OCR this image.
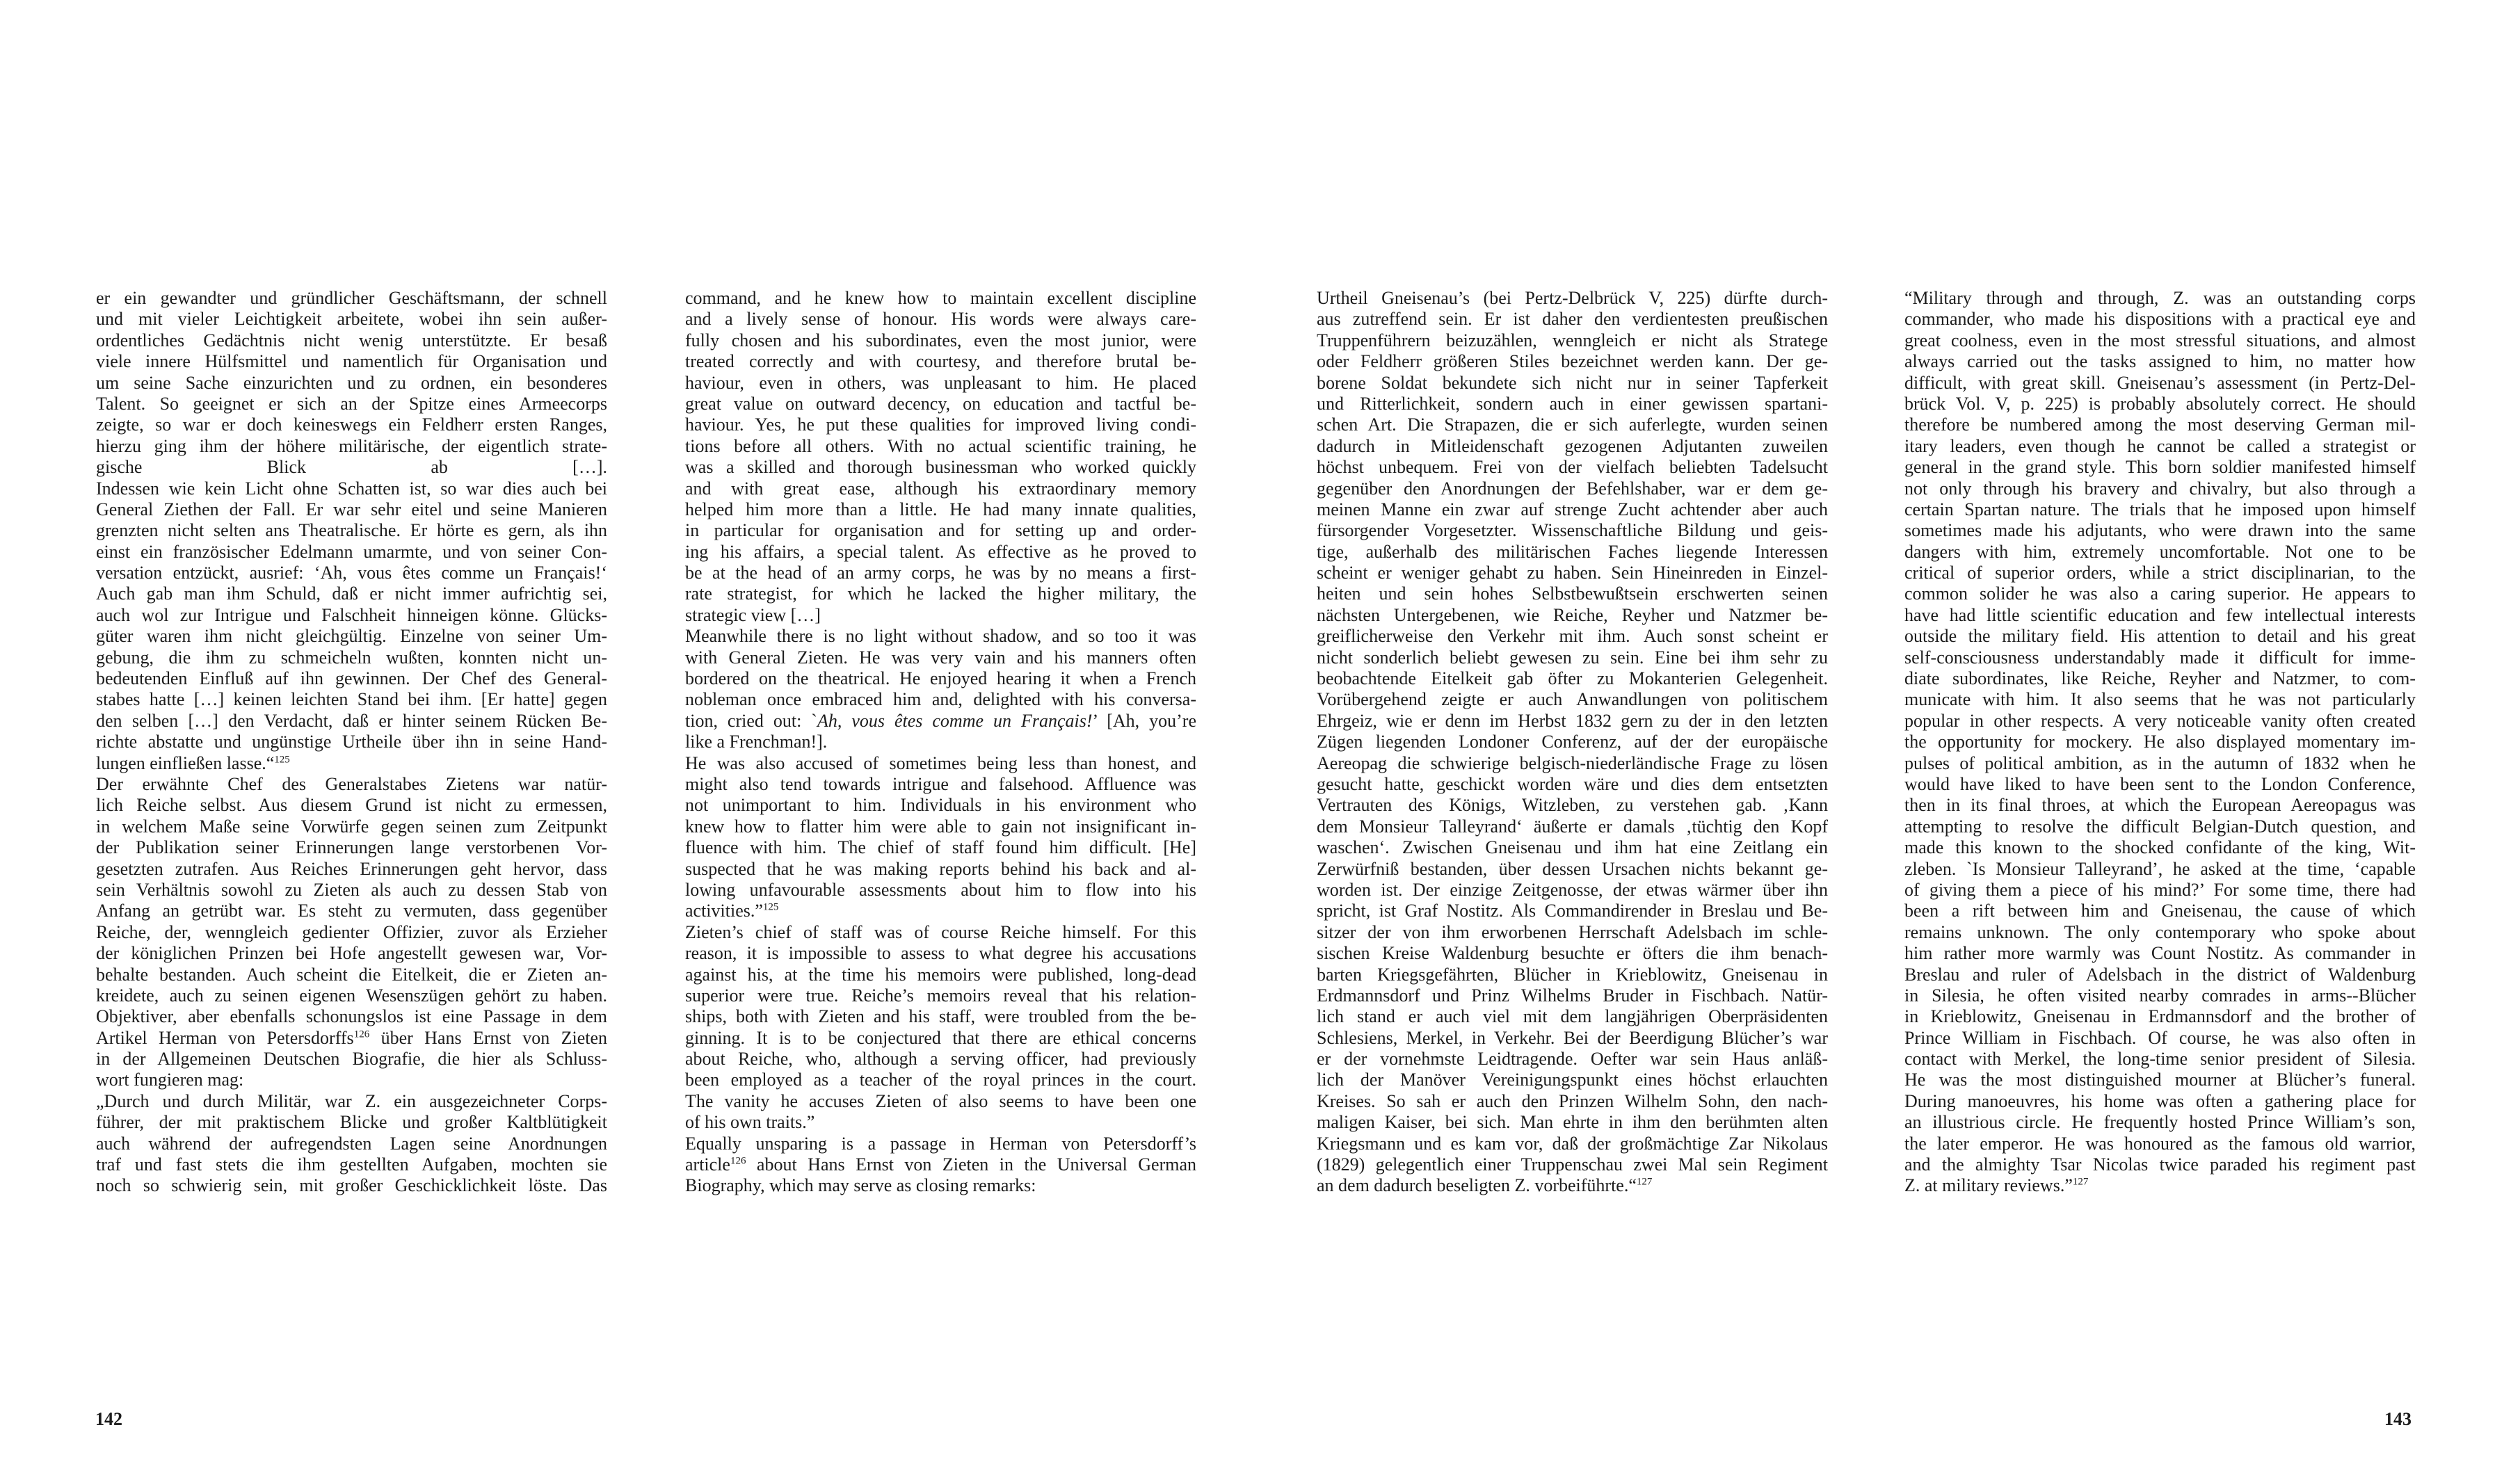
er ein gewandter und gründlicher Geschäftsmann, der schnell
und mit vieler Leichtigkeit arbeitete, wobei ihn sein außer-
ordentliches Gedächtnis nicht wenig unterstützte. Er besaß
viele innere Hülfsmittel und namentlich für Organisation und
um seine Sache einzurichten und zu ordnen, ein besonderes
Talent. So geeignet er sich an der Spitze eines Armeecorps
zeigte, so war er doch keineswegs ein Feldherr ersten Ranges,
hierzu ging ihm der höhere militärische, der eigentlich strate-
gische Blick ab […].
Indessen wie kein Licht ohne Schatten ist, so war dies auch bei
General Ziethen der Fall. Er war sehr eitel und seine Manieren
grenzten nicht selten ans Theatralische. Er hörte es gern, als ihn
einst ein französischer Edelmann umarmte, und von seiner Con-
versation entzückt, ausrief: ‘Ah, vous êtes comme un Français!‘
Auch gab man ihm Schuld, daß er nicht immer aufrichtig sei,
auch wol zur Intrigue und Falschheit hinneigen könne. Glücks-
güter waren ihm nicht gleichgültig. Einzelne von seiner Um-
gebung, die ihm zu schmeicheln wußten, konnten nicht un-
bedeutenden Einfluß auf ihn gewinnen. Der Chef des General-
stabes hatte […] keinen leichten Stand bei ihm. [Er hatte] gegen
den selben […] den Verdacht, daß er hinter seinem Rücken Be-
richte abstatte und ungünstige Urtheile über ihn in seine Hand-
lungen einfließen lasse.“$^{125}$
Der erwähnte Chef des Generalstabes Zietens war natür-
lich Reiche selbst. Aus diesem Grund ist nicht zu ermessen,
in welchem Maße seine Vorwürfe gegen seinen zum Zeitpunkt
der Publikation seiner Erinnerungen lange verstorbenen Vor-
gesetzten zutrafen. Aus Reiches Erinnerungen geht hervor, dass
sein Verhältnis sowohl zu Zieten als auch zu dessen Stab von
Anfang an getrübt war. Es steht zu vermuten, dass gegenüber
Reiche, der, wenngleich gedienter Offizier, zuvor als Erzieher
der königlichen Prinzen bei Hofe angestellt gewesen war, Vor-
behalte bestanden. Auch scheint die Eitelkeit, die er Zieten an-
kreidete, auch zu seinen eigenen Wesenszügen gehört zu haben.
Objektiver, aber ebenfalls schonungslos ist eine Passage in dem
Artikel Herman von Petersdorffs$^{126}$ über Hans Ernst von Zieten
in der Allgemeinen Deutschen Biografie, die hier als Schluss-
wort fungieren mag:
„Durch und durch Militär, war Z. ein ausgezeichneter Corps-
führer, der mit praktischem Blicke und großer Kaltblütigkeit
auch während der aufregendsten Lagen seine Anordnungen
traf und fast stets die ihm gestellten Aufgaben, mochten sie
noch so schwierig sein, mit großer Geschicklichkeit löste. Das
command, and he knew how to maintain excellent discipline
and a lively sense of honour. His words were always care-
fully chosen and his subordinates, even the most junior, were
treated correctly and with courtesy, and therefore brutal be-
haviour, even in others, was unpleasant to him. He placed
great value on outward decency, on education and tactful be-
haviour. Yes, he put these qualities for improved living condi-
tions before all others. With no actual scientific training, he
was a skilled and thorough businessman who worked quickly
and with great ease, although his extraordinary memory
helped him more than a little. He had many innate qualities,
in particular for organisation and for setting up and order-
ing his affairs, a special talent. As effective as he proved to
be at the head of an army corps, he was by no means a first-
rate strategist, for which he lacked the higher military, the
strategic view […]
Meanwhile there is no light without shadow, and so too it was
with General Zieten. He was very vain and his manners often
bordered on the theatrical. He enjoyed hearing it when a French
nobleman once embraced him and, delighted with his conversa-
tion, cried out: `Ah, vous êtes comme un Français!’ [Ah, you’re
like a Frenchman!].
He was also accused of sometimes being less than honest, and
might also tend towards intrigue and falsehood. Affluence was
not unimportant to him. Individuals in his environment who
knew how to flatter him were able to gain not insignificant in-
fluence with him. The chief of staff found him difficult. [He]
suspected that he was making reports behind his back and al-
lowing unfavourable assessments about him to flow into his
activities.”$^{125}$
Zieten’s chief of staff was of course Reiche himself. For this
reason, it is impossible to assess to what degree his accusations
against his, at the time his memoirs were published, long-dead
superior were true. Reiche’s memoirs reveal that his relation-
ships, both with Zieten and his staff, were troubled from the be-
ginning. It is to be conjectured that there are ethical concerns
about Reiche, who, although a serving officer, had previously
been employed as a teacher of the royal princes in the court.
The vanity he accuses Zieten of also seems to have been one
of his own traits.”
Equally unsparing is a passage in Herman von Petersdorff’s
article$^{126}$ about Hans Ernst von Zieten in the Universal German
Biography, which may serve as closing remarks:
Urtheil Gneisenau’s (bei Pertz-Delbrück V, 225) dürfte durch-
aus zutreffend sein. Er ist daher den verdientesten preußischen
Truppenführern beizuzählen, wenngleich er nicht als Stratege
oder Feldherr größeren Stiles bezeichnet werden kann. Der ge-
borene Soldat bekundete sich nicht nur in seiner Tapferkeit
und Ritterlichkeit, sondern auch in einer gewissen spartani-
schen Art. Die Strapazen, die er sich auferlegte, wurden seinen
dadurch in Mitleidenschaft gezogenen Adjutanten zuweilen
höchst unbequem. Frei von der vielfach beliebten Tadelsucht
gegenüber den Anordnungen der Befehlshaber, war er dem ge-
meinen Manne ein zwar auf strenge Zucht achtender aber auch
fürsorgender Vorgesetzter. Wissenschaftliche Bildung und geis-
tige, außerhalb des militärischen Faches liegende Interessen
scheint er weniger gehabt zu haben. Sein Hineinreden in Einzel-
heiten und sein hohes Selbstbewußtsein erschwerten seinen
nächsten Untergebenen, wie Reiche, Reyher und Natzmer be-
greiflicherweise den Verkehr mit ihm. Auch sonst scheint er
nicht sonderlich beliebt gewesen zu sein. Eine bei ihm sehr zu
beobachtende Eitelkeit gab öfter zu Mokanterien Gelegenheit.
Vorübergehend zeigte er auch Anwandlungen von politischem
Ehrgeiz, wie er denn im Herbst 1832 gern zu der in den letzten
Zügen liegenden Londoner Conferenz, auf der der europäische
Aereopag die schwierige belgisch-niederländische Frage zu lösen
gesucht hatte, geschickt worden wäre und dies dem entsetzten
Vertrauten des Königs, Witzleben, zu verstehen gab. ‚Kann
dem Monsieur Talleyrand‘ äußerte er damals ‚tüchtig den Kopf
waschen‘. Zwischen Gneisenau und ihm hat eine Zeitlang ein
Zerwürfniß bestanden, über dessen Ursachen nichts bekannt ge-
worden ist. Der einzige Zeitgenosse, der etwas wärmer über ihn
spricht, ist Graf Nostitz. Als Commandirender in Breslau und Be-
sitzer der von ihm erworbenen Herrschaft Adelsbach im schle-
sischen Kreise Waldenburg besuchte er öfters die ihm benach-
barten Kriegsgefährten, Blücher in Krieblowitz, Gneisenau in
Erdmannsdorf und Prinz Wilhelms Bruder in Fischbach. Natür-
lich stand er auch viel mit dem langjährigen Oberpräsidenten
Schlesiens, Merkel, in Verkehr. Bei der Beerdigung Blücher’s war
er der vornehmste Leidtragende. Oefter war sein Haus anläß-
lich der Manöver Vereinigungspunkt eines höchst erlauchten
Kreises. So sah er auch den Prinzen Wilhelm Sohn, den nach-
maligen Kaiser, bei sich. Man ehrte in ihm den berühmten alten
Kriegsmann und es kam vor, daß der großmächtige Zar Nikolaus
(1829) gelegentlich einer Truppenschau zwei Mal sein Regiment
an dem dadurch beseligten Z. vorbeiführte.“$^{127}$
“Military through and through, Z. was an outstanding corps
commander, who made his dispositions with a practical eye and
great coolness, even in the most stressful situations, and almost
always carried out the tasks assigned to him, no matter how
difficult, with great skill. Gneisenau’s assessment (in Pertz-Del-
brück Vol. V, p. 225) is probably absolutely correct. He should
therefore be numbered among the most deserving German mil-
itary leaders, even though he cannot be called a strategist or
general in the grand style. This born soldier manifested himself
not only through his bravery and chivalry, but also through a
certain Spartan nature. The trials that he imposed upon himself
sometimes made his adjutants, who were drawn into the same
dangers with him, extremely uncomfortable. Not one to be
critical of superior orders, while a strict disciplinarian, to the
common solider he was also a caring superior. He appears to
have had little scientific education and few intellectual interests
outside the military field. His attention to detail and his great
self-consciousness understandably made it difficult for imme-
diate subordinates, like Reiche, Reyher and Natzmer, to com-
municate with him. It also seems that he was not particularly
popular in other respects. A very noticeable vanity often created
the opportunity for mockery. He also displayed momentary im-
pulses of political ambition, as in the autumn of 1832 when he
would have liked to have been sent to the London Conference,
then in its final throes, at which the European Aereopagus was
attempting to resolve the difficult Belgian-Dutch question, and
made this known to the shocked confidante of the king, Wit-
zleben. `Is Monsieur Talleyrand’, he asked at the time, ‘capable
of giving them a piece of his mind?’ For some time, there had
been a rift between him and Gneisenau, the cause of which
remains unknown. The only contemporary who spoke about
him rather more warmly was Count Nostitz. As commander in
Breslau and ruler of Adelsbach in the district of Waldenburg
in Silesia, he often visited nearby comrades in arms--Blücher
in Krieblowitz, Gneisenau in Erdmannsdorf and the brother of
Prince William in Fischbach. Of course, he was also often in
contact with Merkel, the long-time senior president of Silesia.
He was the most distinguished mourner at Blücher’s funeral.
During manoeuvres, his home was often a gathering place for
an illustrious circle. He frequently hosted Prince William’s son,
the later emperor. He was honoured as the famous old warrior,
and the almighty Tsar Nicolas twice paraded his regiment past
Z. at military reviews.”$^{127}$
142	143
